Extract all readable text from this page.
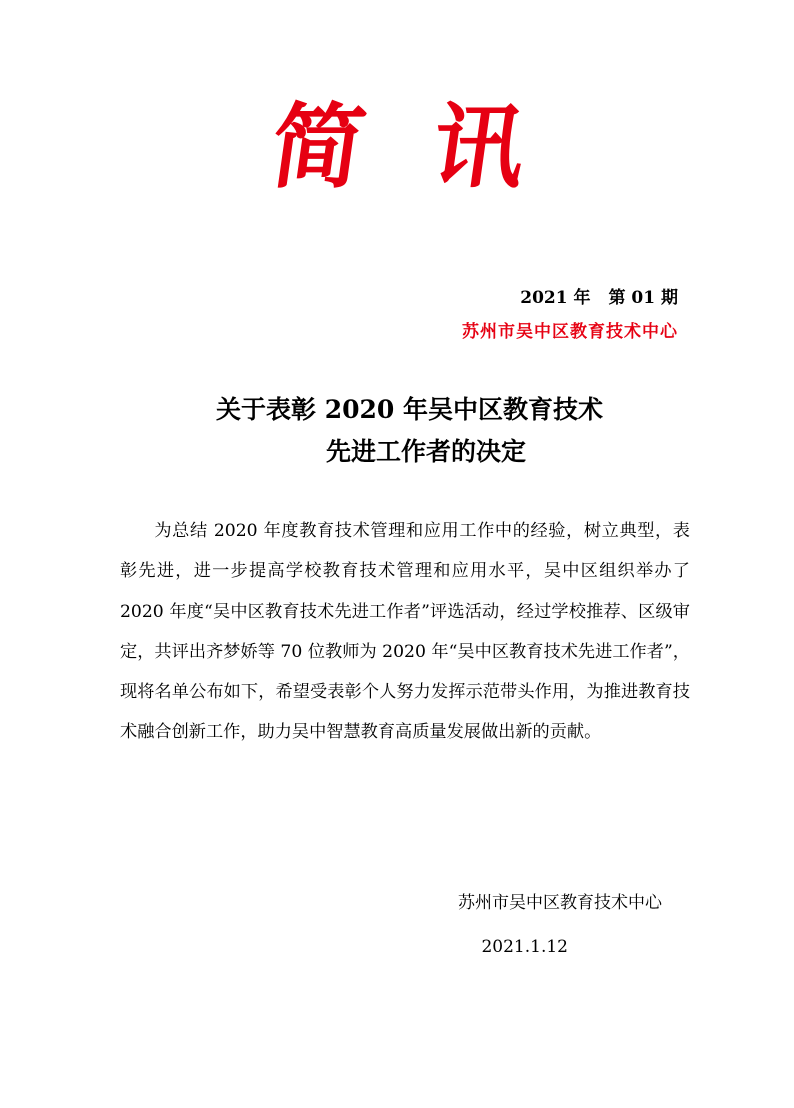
简 讯
2021 年 第 01 期
苏州市吴中区教育技术中心
关于表彰 2020 年吴中区教育技术
先进工作者的决定

为总结 2020 年度教育技术管理和应用工作中的经验，树立典型，表彰先进，进一步提高学校教育技术管理和应用水平，吴中区组织举办了 2020 年度“吴中区教育技术先进工作者”评选活动，经过学校推荐、区级审定，共评出齐梦娇等 70 位教师为 2020 年“吴中区教育技术先进工作者”，现将名单公布如下，希望受表彰个人努力发挥示范带头作用，为推进教育技术融合创新工作，助力吴中智慧教育高质量发展做出新的贡献。

苏州市吴中区教育技术中心
2021.1.12
